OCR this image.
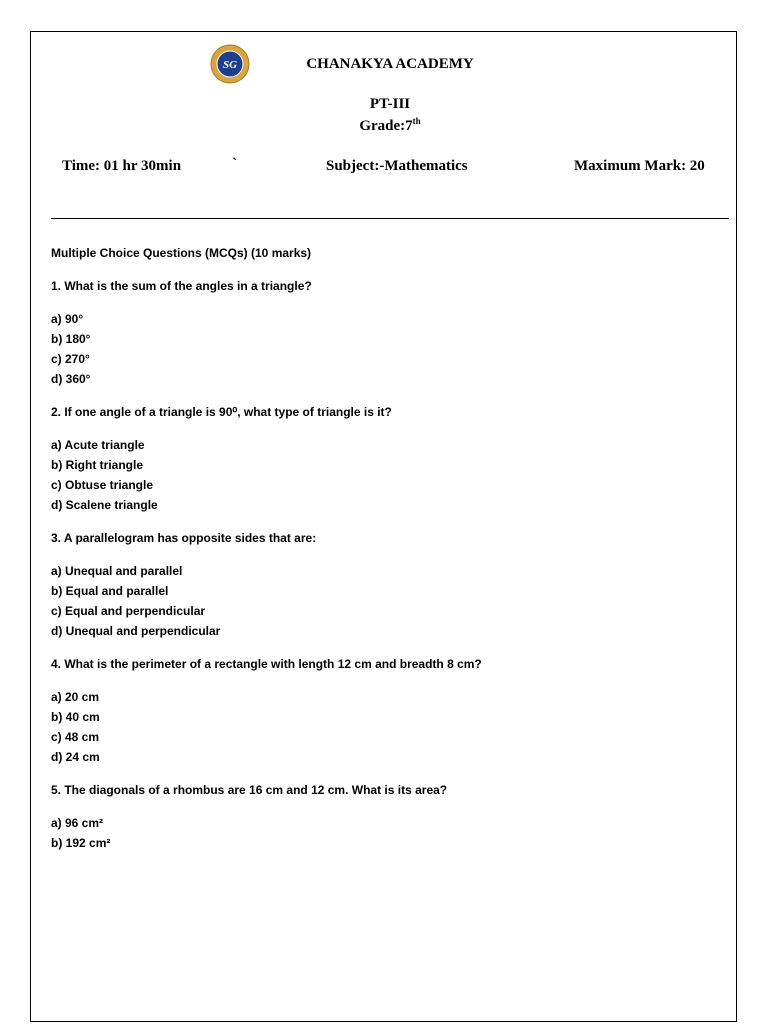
SG	CHANAKYA ACADEMY
PT-III
Grade:7th
Time: 01 hr 30min	`	Subject:-Mathematics	Maximum Mark: 20
Multiple Choice Questions (MCQs) (10 marks)
1. What is the sum of the angles in a triangle?
a) 90°
b) 180°
c) 270°
d) 360°
2. If one angle of a triangle is 90⁰, what type of triangle is it?
a) Acute triangle
b) Right triangle
c) Obtuse triangle
d) Scalene triangle
3. A parallelogram has opposite sides that are:
a) Unequal and parallel
b) Equal and parallel
c) Equal and perpendicular
d) Unequal and perpendicular
4. What is the perimeter of a rectangle with length 12 cm and breadth 8 cm?
a) 20 cm
b) 40 cm
c) 48 cm
d) 24 cm
5. The diagonals of a rhombus are 16 cm and 12 cm. What is its area?
a) 96 cm²
b) 192 cm²
